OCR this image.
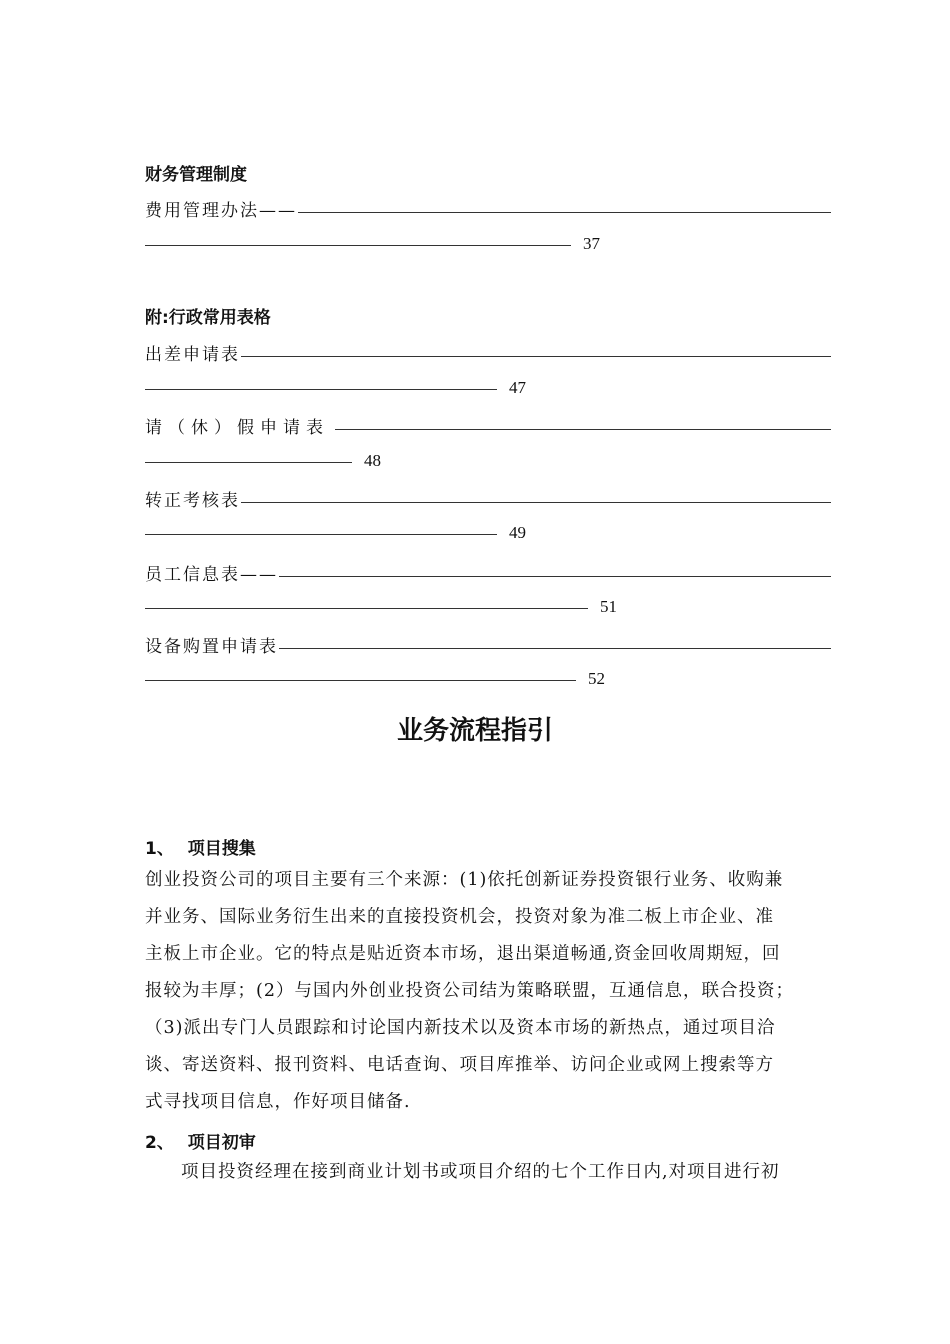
财务管理制度
费用管理办法——
37
附:行政常用表格
出差申请表
47
请（休）假申请表
48
转正考核表
49
员工信息表——
51
设备购置申请表
52
业务流程指引
1、 项目搜集
创业投资公司的项目主要有三个来源：(1)依托创新证券投资银行业务、收购兼
并业务、国际业务衍生出来的直接投资机会，投资对象为准二板上市企业、准
主板上市企业。它的特点是贴近资本市场，退出渠道畅通,资金回收周期短，回
报较为丰厚；(2）与国内外创业投资公司结为策略联盟，互通信息，联合投资；
（3)派出专门人员跟踪和讨论国内新技术以及资本市场的新热点，通过项目洽
谈、寄送资料、报刊资料、电话查询、项目库推举、访问企业或网上搜索等方
式寻找项目信息，作好项目储备.
2、 项目初审
项目投资经理在接到商业计划书或项目介绍的七个工作日内,对项目进行初
